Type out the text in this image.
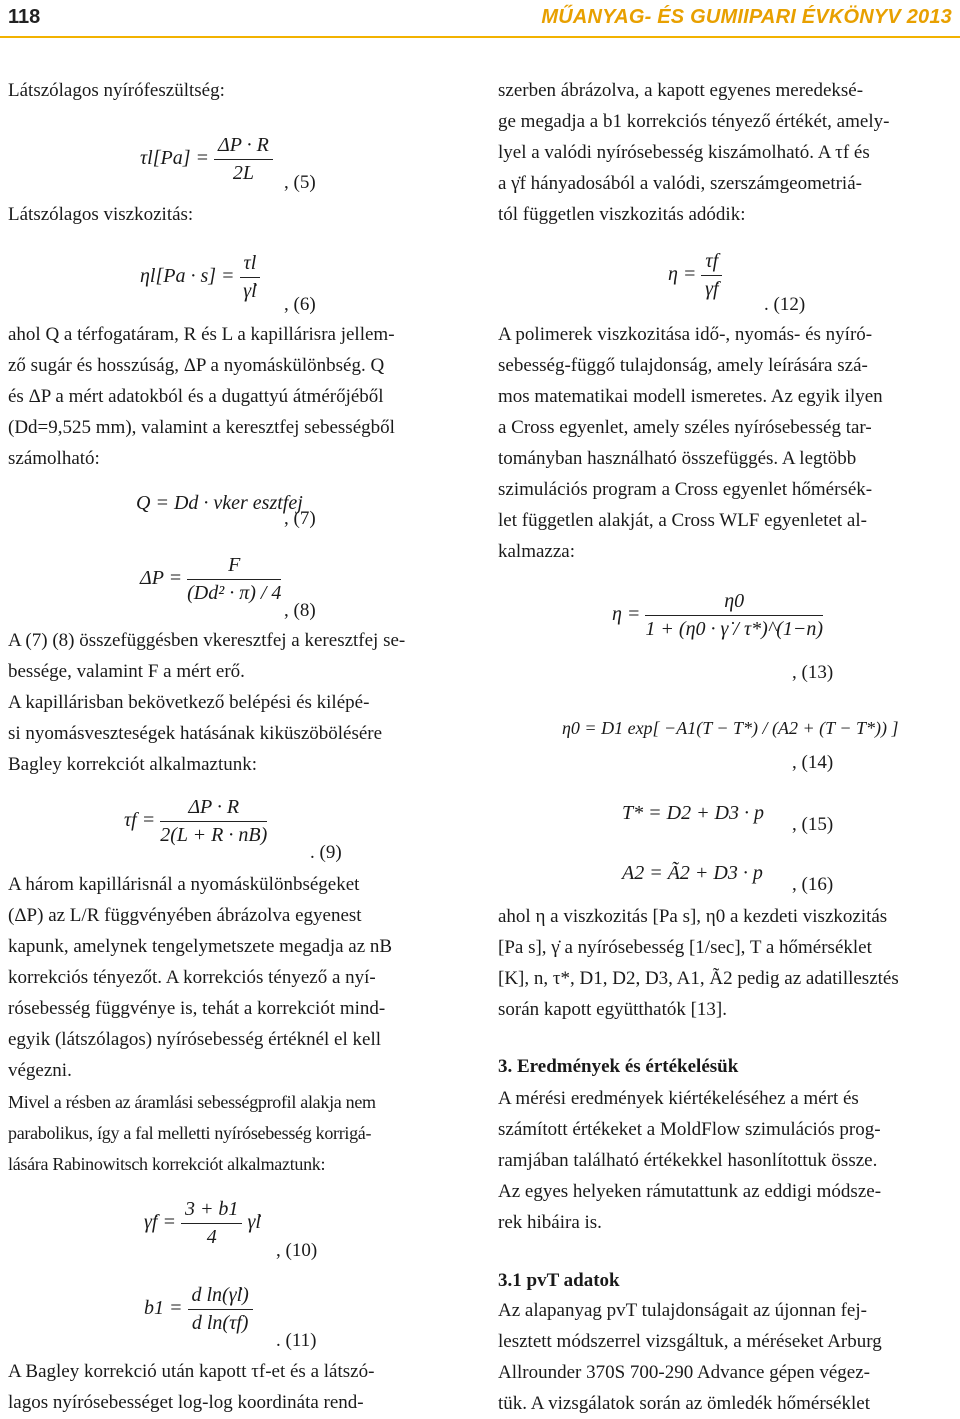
118	MŰANYAG- ÉS GUMIIPARI ÉVKÖNYV 2013
Látszólagos nyírófeszültség:
$\tau l[Pa] = \frac{\Delta P \cdot R}{2L}$ , (5)
Látszólagos viszkozitás:
$\eta l[Pa \cdot s] = \frac{\tau l}{\gammȧl}$
, (6)
ahol Q a térfogatáram, R és L a kapillárisra jellem-
ző sugár és hosszúság, ΔP a nyomáskülönbség. Q
és ΔP a mért adatokból és a dugattyú átmérőjéből
(Dd=9,525 mm), valamint a keresztfej sebességből
számolható:
Q = Dd · vker esztfej
, (7)
$\Delta P = \frac{F}{\text{(Dd² · π) / 4}}$
, (8)
A (7) (8) összefüggésben vkeresztfej a keresztfej se-
bessége, valamint F a mért erő.
A kapillárisban bekövetkező belépési és kilépé-
si nyomásveszteségek hatásának kiküszöbölésére
Bagley korrekciót alkalmaztunk:
$\tau f = \frac{\Delta P \cdot R}{2(L + R \cdot nB)}$
. (9)
A három kapillárisnál a nyomáskülönbségeket
(ΔP) az L/R függvényében ábrázolva egyenest
kapunk, amelynek tengelymetszete megadja az nB
korrekciós tényezőt. A korrekciós tényező a nyí-
rósebesség függvénye is, tehát a korrekciót mind-
egyik (látszólagos) nyírósebesség értéknél el kell
végezni.
Mivel a résben az áramlási sebességprofil alakja nem
parabolikus, így a fal melletti nyírósebesség korrigá-
lására Rabinowitsch korrekciót alkalmaztunk:
γ̇f = $\frac{3 + b1}{4}$ γ̇l
, (10)
$b1 = \frac{\text{d ln(γ̇l)}}{\text{d ln(τf)}}$
. (11)
A Bagley korrekció után kapott τf-et és a látszó-
lagos nyírósebességet log-log koordináta rend-
szerben ábrázolva, a kapott egyenes meredeksé-
ge megadja a b1 korrekciós tényező értékét, amely-
lyel a valódi nyírósebesség kiszámolható. A τf és
a γ̇f hányadosából a valódi, szerszámgeometriá-
tól független viszkozitás adódik:
$\eta = \frac{\tau f}{\gammȧf}$
. (12)
A polimerek viszkozitása idő-, nyomás- és nyíró-
sebesség-függő tulajdonság, amely leírására szá-
mos matematikai modell ismeretes. Az egyik ilyen
a Cross egyenlet, amely széles nyírósebesség tar-
tományban használható összefüggés. A legtöbb
szimulációs program a Cross egyenlet hőmérsék-
let független alakját, a Cross WLF egyenletet al-
kalmazza:
$\eta = \frac{\eta 0}{1 + (\eta 0 \cdot \gammȧ / \tau*)\^{}(1-n)}$
, (13)
η0 = D1 exp[ −A1(T − T*) / (A2 + (T − T*)) ]
, (14)
T* = D2 + D3 · p
, (15)
A2 = Ã2 + D3 · p
, (16)
ahol η a viszkozitás [Pa s], η0 a kezdeti viszkozitás
[Pa s], γ̇ a nyírósebesség [1/sec], T a hőmérséklet
[K], n, τ*, D1, D2, D3, A1, Ã2 pedig az adatillesztés
során kapott együtthatók [13].
3. Eredmények és értékelésük
A mérési eredmények kiértékeléséhez a mért és
számított értékeket a MoldFlow szimulációs prog-
ramjában található értékekkel hasonlítottuk össze.
Az egyes helyeken rámutattunk az eddigi módsze-
rek hibáira is.
3.1 pvT adatok
Az alapanyag pvT tulajdonságait az újonnan fej-
lesztett módszerrel vizsgáltuk, a méréseket Arburg
Allrounder 370S 700-290 Advance gépen végez-
tük. A vizsgálatok során az ömledék hőmérséklet
